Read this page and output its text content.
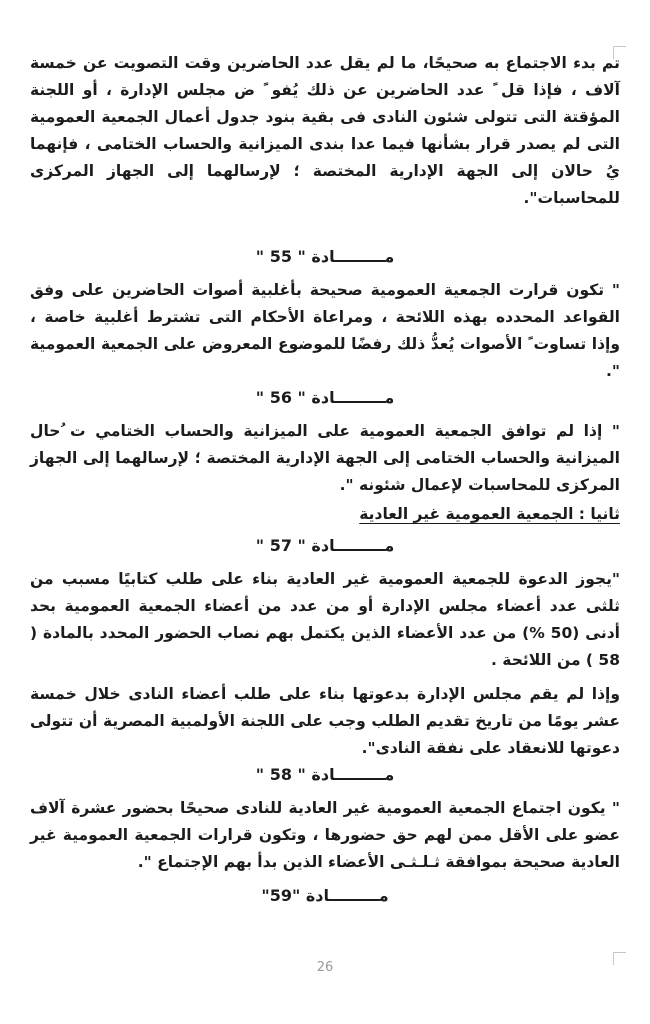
تم بدء الاجتماع به صحيحًا، ما لم يقل عدد الحاضرين وقت التصويت عن خمسة آلاف ، فإذا قل ً عدد الحاضرين عن ذلك يُفو ً ض مجلس الإدارة ، أو اللجنة المؤقتة التى تتولى شئون النادى فى بقية بنود جدول أعمال الجمعية العمومية التى لم يصدر قرار بشأنها فيما عدا بندى الميزانية والحساب الختامى ، فإنهما يُ حالان إلى الجهة الإدارية المختصة ؛ لإرسالهما إلى الجهاز المركزى للمحاسبات".

مـــــــــادة " 55 "

" تكون قرارت الجمعية العمومية صحيحة بأغلبية أصوات الحاضرين على وفق القواعد المحدده بهذه اللائحة ، ومراعاة الأحكام التى تشترط أغلبية خاصة ، وإذا تساوت ً الأصوات يُعدُّ ذلك رفضًا للموضوع المعروض على الجمعية العمومية ".

مـــــــــادة " 56 "

" إذا لم توافق الجمعية العمومية على الميزانية والحساب الختامي ت ُحال الميزانية والحساب الختامى إلى الجهة الإدارية المختصة ؛ لإرسالهما إلى الجهاز المركزى للمحاسبات لإعمال شئونه ".

ثانيا : الجمعية العمومية غير العادية

مـــــــــادة " 57 "

"يجوز الدعوة للجمعية العمومية غير العادية بناء على طلب كتابيًا مسبب من ثلثى عدد أعضاء مجلس الإدارة أو من عدد من أعضاء الجمعية العمومية بحد أدنى (50 %) من عدد الأعضاء الذين يكتمل بهم نصاب الحضور المحدد بالمادة ( 58 ) من اللائحة .

وإذا لم يقم مجلس الإدارة بدعوتها بناء على طلب أعضاء النادى خلال خمسة عشر يومًا من تاريخ تقديم الطلب وجب على اللجنة الأولمبية المصرية أن تتولى دعوتها للانعقاد على نفقة النادى".

مـــــــــادة " 58 "

" يكون اجتماع الجمعية العمومية غير العادية للنادى صحيحًا بحضور عشرة آلاف عضو على الأقل ممن لهم حق حضورها ، وتكون قرارات الجمعية العمومية غير العادية صحيحة بموافقة ثـلـثـى الأعضاء الذين بدأ بهم الإجتماع ".

مـــــــــادة "59"

26
